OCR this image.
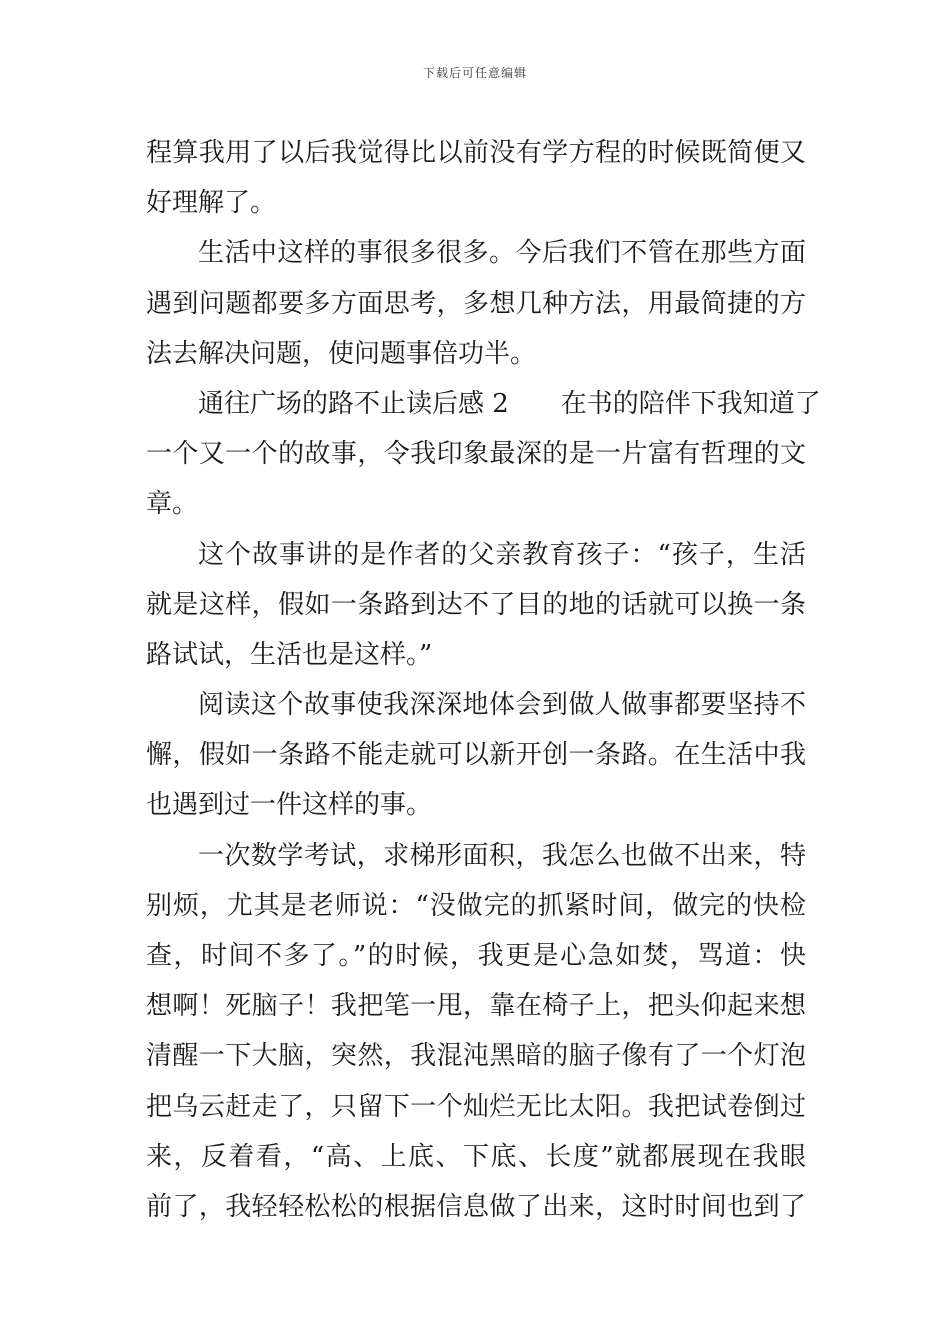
下载后可任意编辑
程算我用了以后我觉得比以前没有学方程的时候既简便又
好理解了。
生活中这样的事很多很多。今后我们不管在那些方面
遇到问题都要多方面思考，多想几种方法，用最简捷的方
法去解决问题，使问题事倍功半。
通往广场的路不止读后感 2　　在书的陪伴下我知道了
一个又一个的故事，令我印象最深的是一片富有哲理的文
章。
这个故事讲的是作者的父亲教育孩子：“孩子，生活
就是这样，假如一条路到达不了目的地的话就可以换一条
路试试，生活也是这样。”
阅读这个故事使我深深地体会到做人做事都要坚持不
懈，假如一条路不能走就可以新开创一条路。在生活中我
也遇到过一件这样的事。
一次数学考试，求梯形面积，我怎么也做不出来，特
别烦，尤其是老师说：“没做完的抓紧时间，做完的快检
查，时间不多了。”的时候，我更是心急如焚，骂道：快
想啊！死脑子！我把笔一甩，靠在椅子上，把头仰起来想
清醒一下大脑，突然，我混沌黑暗的脑子像有了一个灯泡
把乌云赶走了，只留下一个灿烂无比太阳。我把试卷倒过
来，反着看，“高、上底、下底、长度”就都展现在我眼
前了，我轻轻松松的根据信息做了出来，这时时间也到了
